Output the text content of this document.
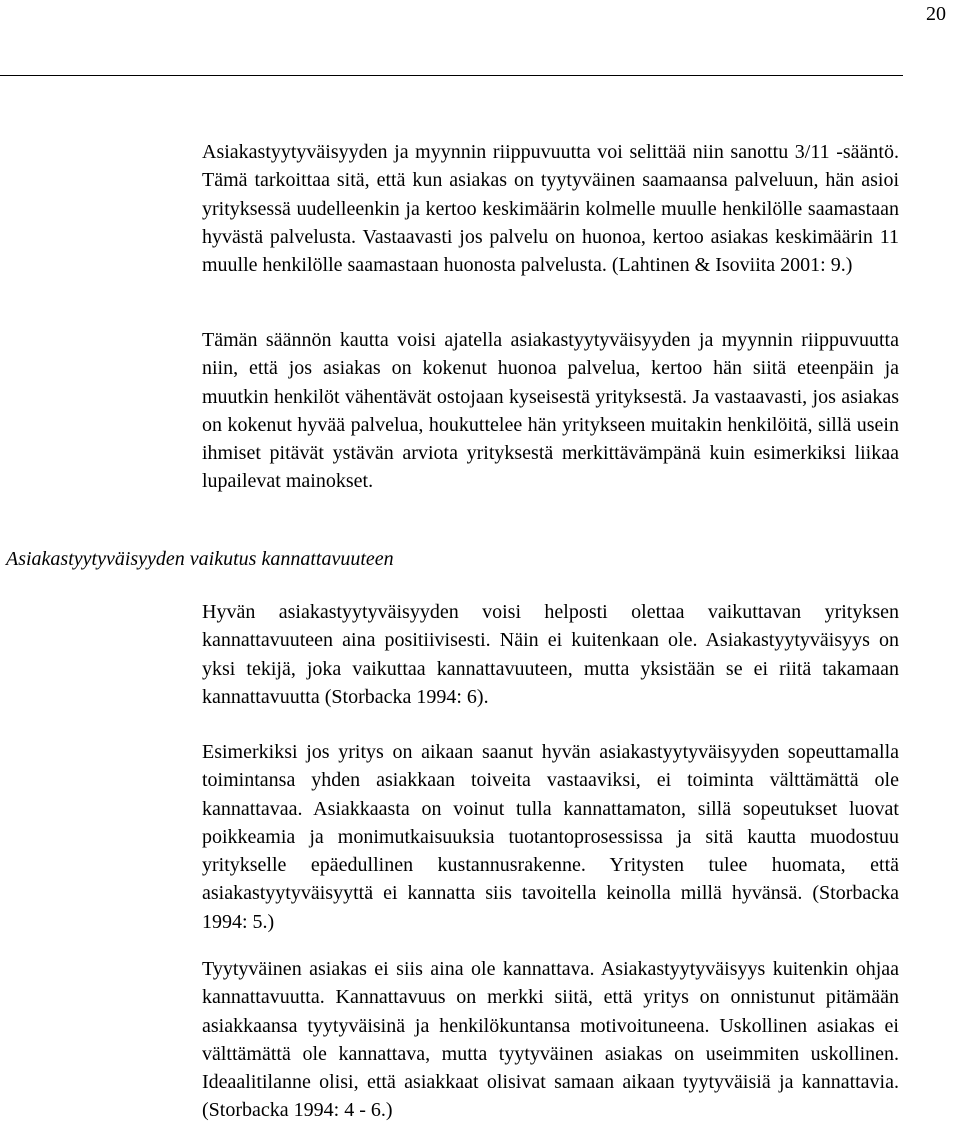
20

Asiakastyytyväisyyden ja myynnin riippuvuutta voi selittää niin sanottu 3/11 -sääntö. Tämä tarkoittaa sitä, että kun asiakas on tyytyväinen saamaansa palveluun, hän asioi yrityksessä uudelleenkin ja kertoo keskimäärin kolmelle muulle henkilölle saamastaan hyvästä palvelusta. Vastaavasti jos palvelu on huonoa, kertoo asiakas keskimäärin 11 muulle henkilölle saamastaan huonosta palvelusta. (Lahtinen & Isoviita 2001: 9.)

Tämän säännön kautta voisi ajatella asiakastyytyväisyyden ja myynnin riippuvuutta niin, että jos asiakas on kokenut huonoa palvelua, kertoo hän siitä eteenpäin ja muutkin henkilöt vähentävät ostojaan kyseisestä yrityksestä. Ja vastaavasti, jos asiakas on kokenut hyvää palvelua, houkuttelee hän yritykseen muitakin henkilöitä, sillä usein ihmiset pitävät ystävän arviota yrityksestä merkittävämpänä kuin esimerkiksi liikaa lupailevat mainokset.

Asiakastyytyväisyyden vaikutus kannattavuuteen

Hyvän asiakastyytyväisyyden voisi helposti olettaa vaikuttavan yrityksen kannattavuuteen aina positiivisesti. Näin ei kuitenkaan ole. Asiakastyytyväisyys on yksi tekijä, joka vaikuttaa kannattavuuteen, mutta yksistään se ei riitä takamaan kannattavuutta (Storbacka 1994: 6).

Esimerkiksi jos yritys on aikaan saanut hyvän asiakastyytyväisyyden sopeuttamalla toimintansa yhden asiakkaan toiveita vastaaviksi, ei toiminta välttämättä ole kannattavaa. Asiakkaasta on voinut tulla kannattamaton, sillä sopeutukset luovat poikkeamia ja monimutkaisuuksia tuotantoprosessissa ja sitä kautta muodostuu yritykselle epäedullinen kustannusrakenne. Yritysten tulee huomata, että asiakastyytyväisyyttä ei kannatta siis tavoitella keinolla millä hyvänsä. (Storbacka 1994: 5.)

Tyytyväinen asiakas ei siis aina ole kannattava. Asiakastyytyväisyys kuitenkin ohjaa kannattavuutta. Kannattavuus on merkki siitä, että yritys on onnistunut pitämään asiakkaansa tyytyväisinä ja henkilökuntansa motivoituneena. Uskollinen asiakas ei välttämättä ole kannattava, mutta tyytyväinen asiakas on useimmiten uskollinen. Ideaalitilanne olisi, että asiakkaat olisivat samaan aikaan tyytyväisiä ja kannattavia. (Storbacka 1994: 4 - 6.)
